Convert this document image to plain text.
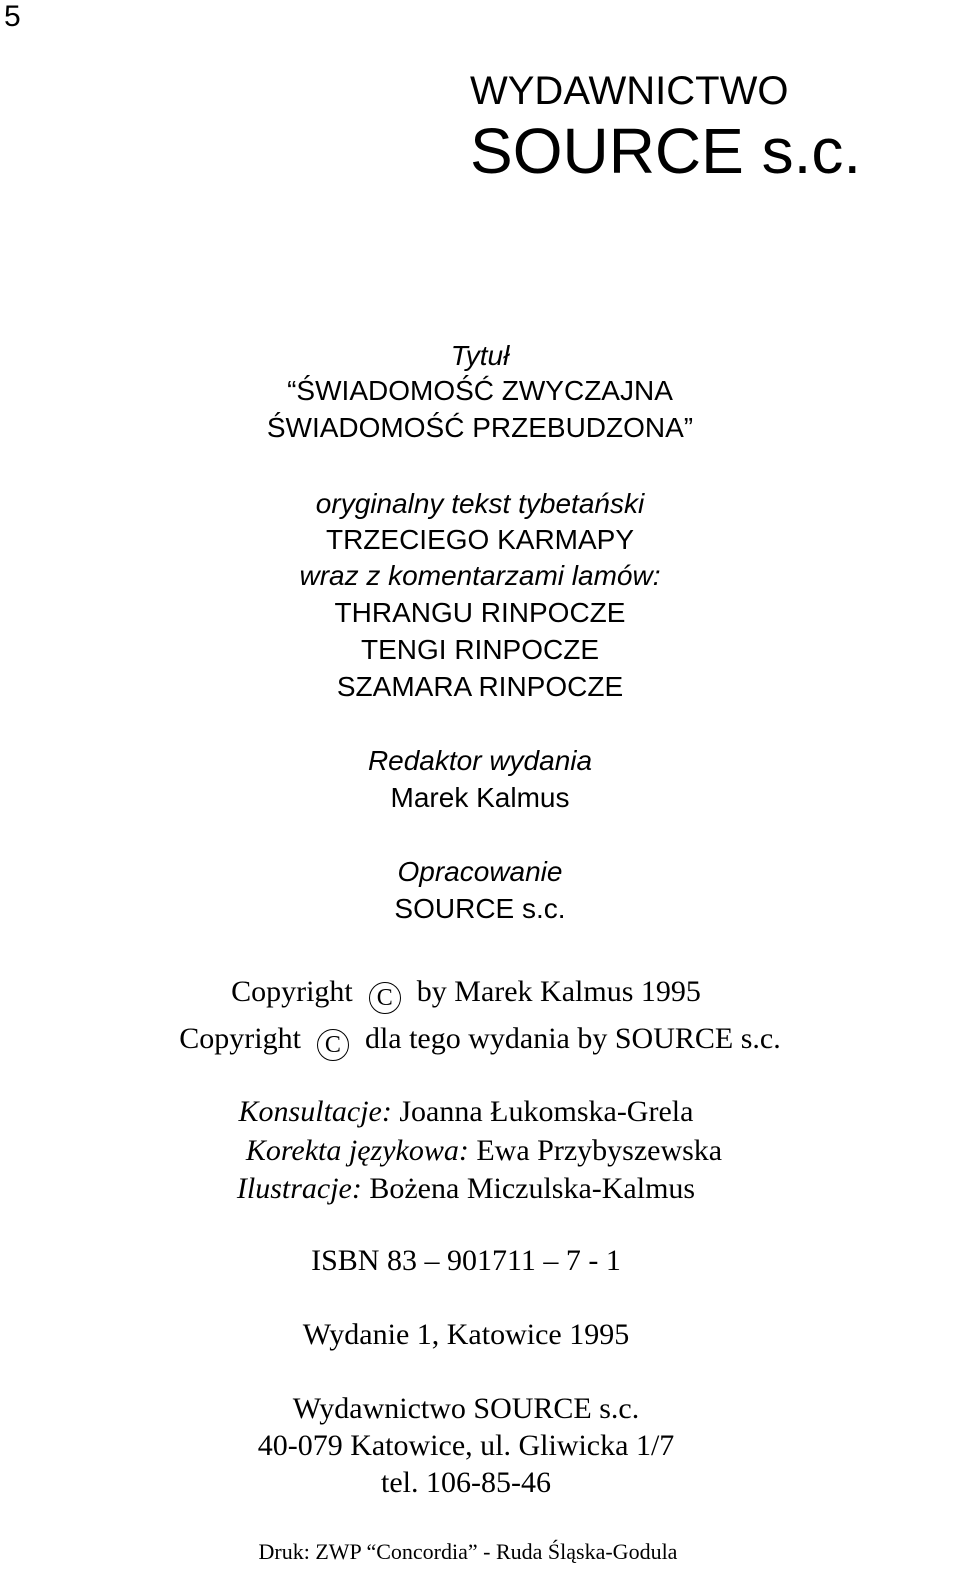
5
WYDAWNICTWO
SOURCE s.c.
Tytuł
“ŚWIADOMOŚĆ ZWYCZAJNA
ŚWIADOMOŚĆ PRZEBUDZONA”
oryginalny tekst tybetański
TRZECIEGO KARMAPY
wraz z komentarzami lamów:
THRANGU RINPOCZE
TENGI RINPOCZE
SZAMARA RINPOCZE
Redaktor wydania
Marek Kalmus
Opracowanie
SOURCE s.c.
Copyright C by Marek Kalmus 1995
Copyright C dla tego wydania by SOURCE s.c.
Konsultacje: Joanna Łukomska-Grela
Korekta językowa: Ewa Przybyszewska
Ilustracje: Bożena Miczulska-Kalmus
ISBN 83 – 901711 – 7 - 1
Wydanie 1, Katowice 1995
Wydawnictwo SOURCE s.c.
40-079 Katowice, ul. Gliwicka 1/7
tel. 106-85-46
Druk: ZWP “Concordia” - Ruda Śląska-Godula
